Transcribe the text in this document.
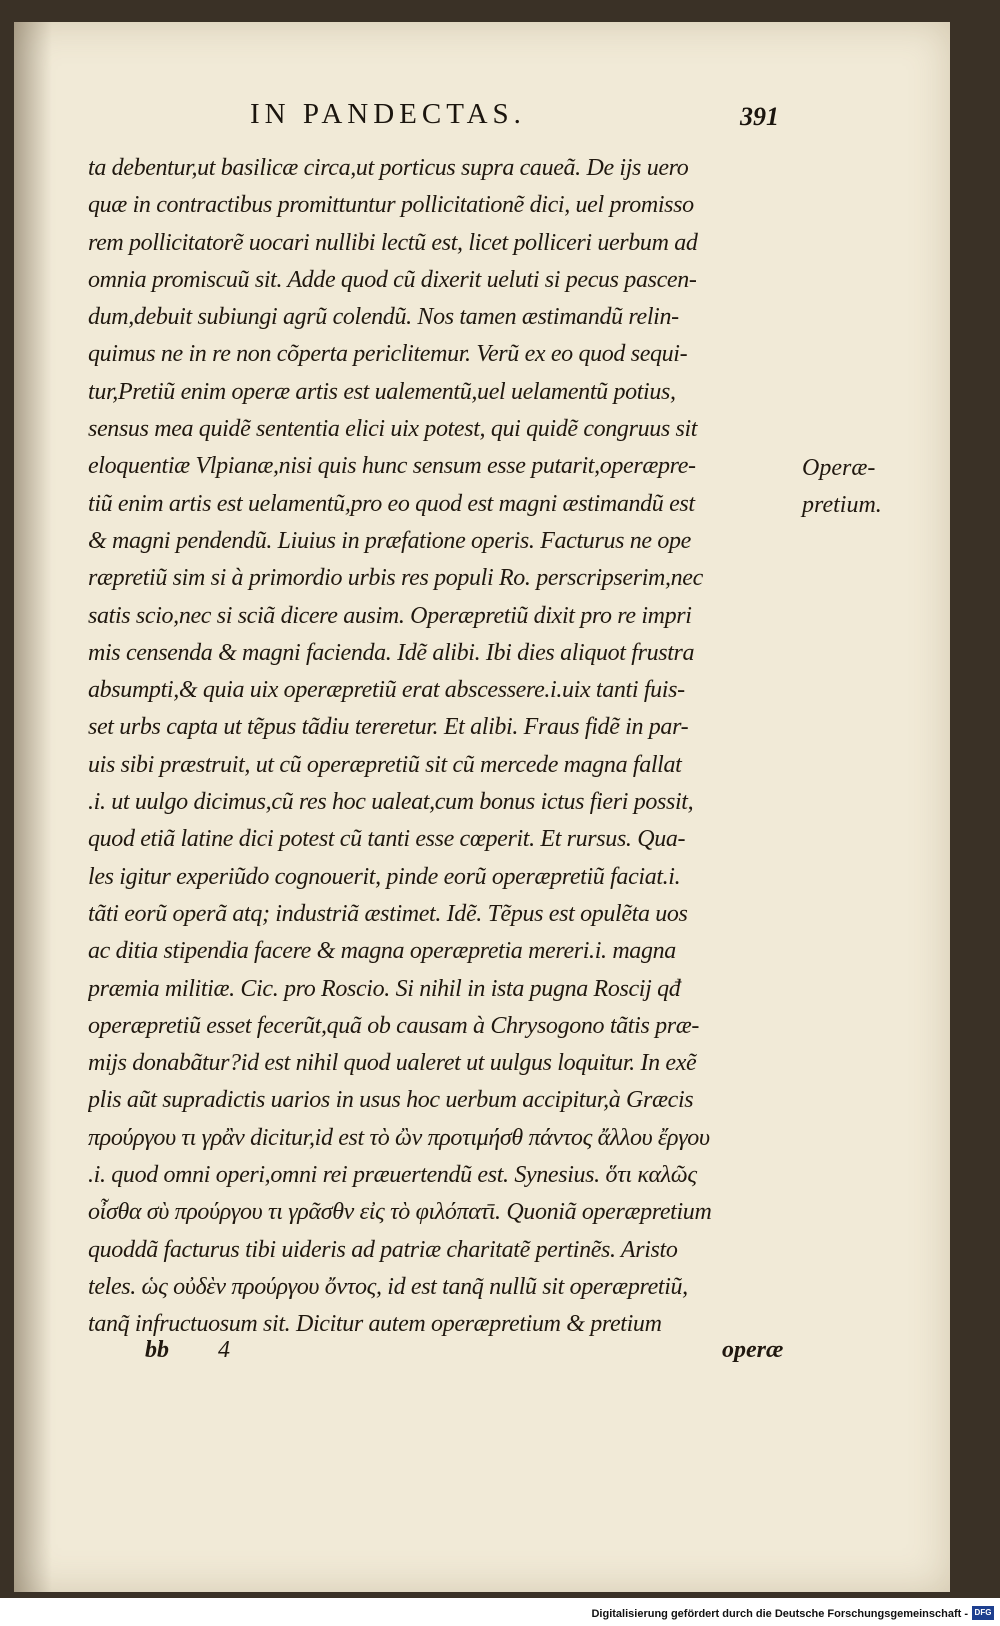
IN PANDECTAS.	391
ta debentur,ut basilicæ circa,ut porticus supra caueã. De ijs uero
quæ in contractibus promittuntur pollicitationẽ dici, uel promisso
rem pollicitatorẽ uocari nullibi lectũ est, licet polliceri uerbum ad
omnia promiscuũ sit. Adde quod cũ dixerit ueluti si pecus pascen-
dum,debuit subiungi agrũ colendũ. Nos tamen æstimandũ relin-
quimus ne in re non cõperta periclitemur. Verũ ex eo quod sequi-
tur,Pretiũ enim operæ artis est ualementũ,uel uelamentũ potius,
sensus mea quidẽ sententia elici uix potest, qui quidẽ congruus sit
eloquentiæ Vlpianæ,nisi quis hunc sensum esse putarit,operæpre-
tiũ enim artis est uelamentũ,pro eo quod est magni æstimandũ est
& magni pendendũ. Liuius in præfatione operis. Facturus ne ope
ræpretiũ sim si à primordio urbis res populi Ro. perscripserim,nec
satis scio,nec si sciã dicere ausim. Operæpretiũ dixit pro re impri
mis censenda & magni facienda. Idẽ alibi. Ibi dies aliquot frustra
absumpti,& quia uix operæpretiũ erat abscessere.i.uix tanti fuis-
set urbs capta ut tẽpus tãdiu tereretur. Et alibi. Fraus fidẽ in par-
uis sibi præstruit, ut cũ operæpretiũ sit cũ mercede magna fallat
.i. ut uulgo dicimus,cũ res hoc ualeat,cum bonus ictus fieri possit,
quod etiã latine dici potest cũ tanti esse cœperit. Et rursus. Qua-
les igitur experiũdo cognouerit, pinde eorũ operæpretiũ faciat.i.
tãti eorũ operã atq; industriã æstimet. Idẽ. Tẽpus est opulẽta uos
ac ditia stipendia facere & magna operæpretia mereri.i. magna
præmia militiæ. Cic. pro Roscio. Si nihil in ista pugna Roscij qđ
operæpretiũ esset fecerũt,quã ob causam à Chrysogono tãtis præ-
mijs donabãtur?id est nihil quod ualeret ut uulgus loquitur. In exẽ
plis aũt supradictis uarios in usus hoc uerbum accipitur,à Græcis
προύργου τι γρἂν dicitur,id est τὸ ὢν προτιμήσθ πάντος ἄλλου ἔργου
.i. quod omni operi,omni rei præuertendũ est. Synesius. ὅτι καλῶς
οἶσθα σὺ προύργου τι γρᾶσθν εἰς τὸ φιλόπατ̄ι. Quoniã operæpretium
quoddã facturus tibi uideris ad patriæ charitatẽ pertinẽs. Aristo
teles. ὡς οὐδὲν προύργου ὄντος, id est tanq̃ nullũ sit operæpretiũ,
tanq̃ infructuosum sit. Dicitur autem operæpretium & pretium
Operæ-
pretium.
bb 4	operæ
Digitalisierung gefördert durch die Deutsche Forschungsgemeinschaft - DFG
